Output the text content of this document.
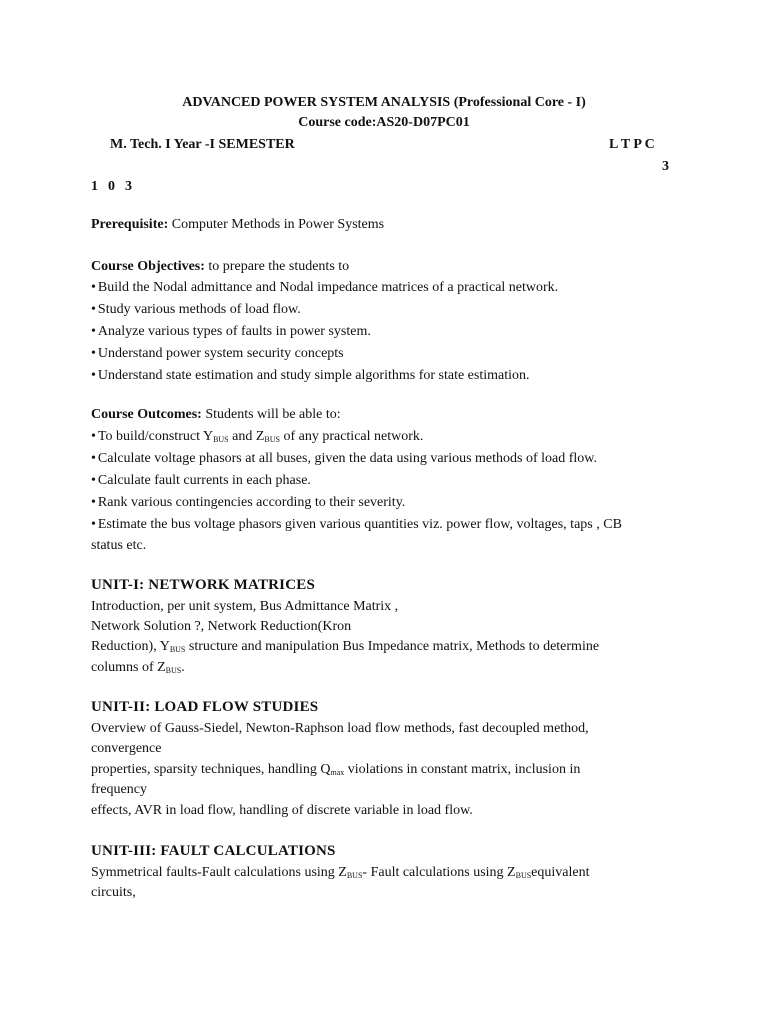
ADVANCED POWER SYSTEM ANALYSIS (Professional Core - I)
Course code:AS20-D07PC01
M. Tech. I Year -I SEMESTER	L T P C
3
1  0  3
Prerequisite: Computer Methods in Power Systems
Course Objectives: to prepare the students to
• Build the Nodal admittance and Nodal impedance matrices of a practical network.
• Study various methods of load flow.
• Analyze various types of faults in power system.
• Understand power system security concepts
• Understand state estimation and study simple algorithms for state estimation.
Course Outcomes: Students will be able to:
• To build/construct $Y_{BUS}$ and $Z_{BUS}$ of any practical network.
• Calculate voltage phasors at all buses, given the data using various methods of load flow.
• Calculate fault currents in each phase.
• Rank various contingencies according to their severity.
• Estimate the bus voltage phasors given various quantities viz. power flow, voltages, taps , CB
status etc.
UNIT-I: NETWORK MATRICES
Introduction, per unit system, Bus Admittance Matrix ,
Network Solution ?, Network Reduction(Kron
Reduction), $Y_{BUS}$ structure and manipulation Bus Impedance matrix, Methods to determine
columns of $Z_{BUS}$.
UNIT-II: LOAD FLOW STUDIES
Overview of Gauss-Siedel, Newton-Raphson load flow methods, fast decoupled method,
convergence
properties, sparsity techniques, handling $Q_{max}$ violations in constant matrix, inclusion in
frequency
effects, AVR in load flow, handling of discrete variable in load flow.
UNIT-III: FAULT CALCULATIONS
Symmetrical faults-Fault calculations using $Z_{BUS}-$ Fault calculations using $Z_{BUS}equivalent$
circuits,
